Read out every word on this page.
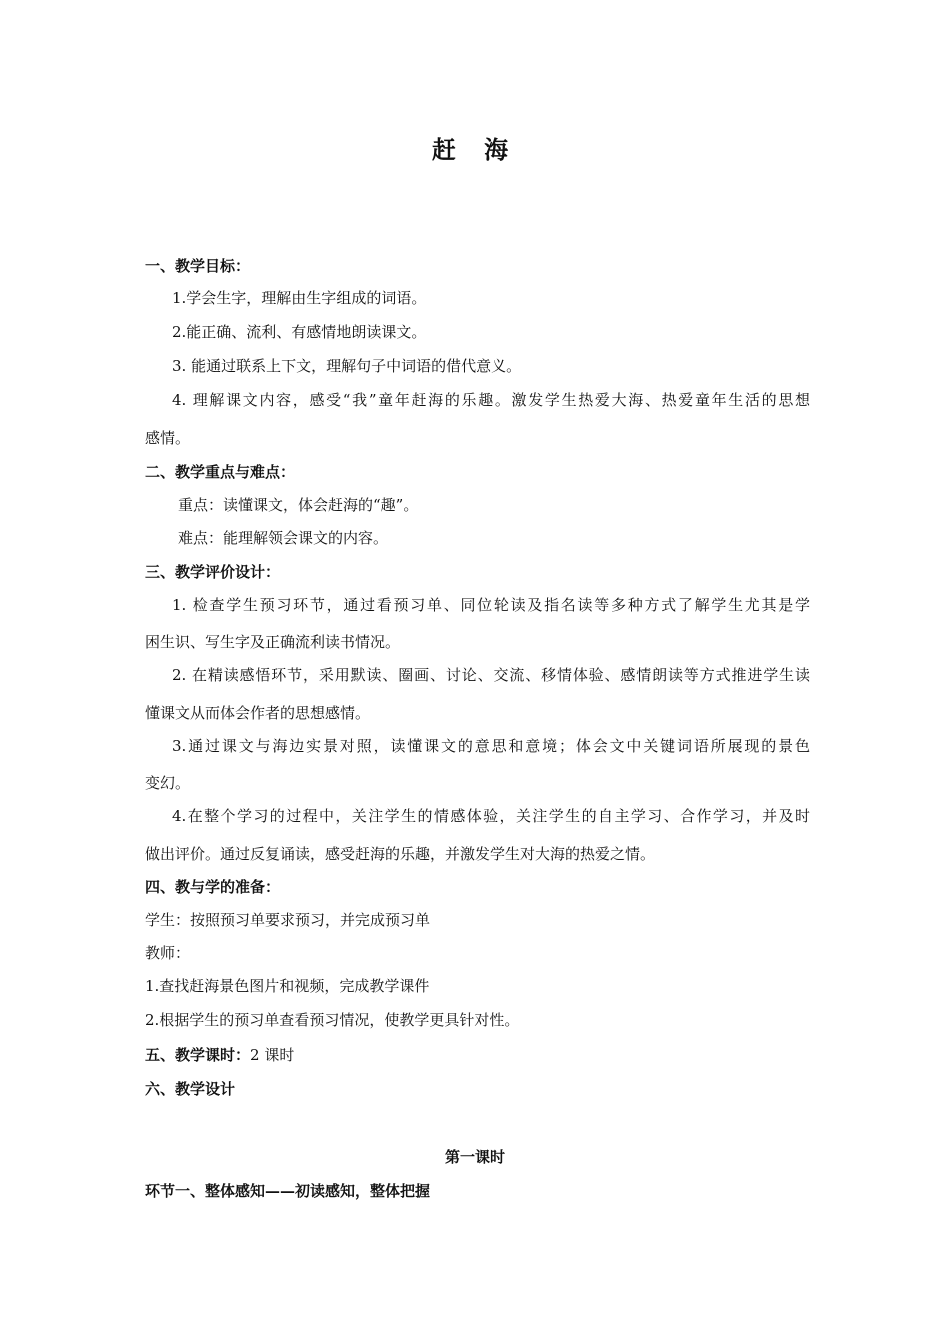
赶 海
一、教学目标：
1.学会生字，理解由生字组成的词语。
2.能正确、流利、有感情地朗读课文。
3. 能通过联系上下文，理解句子中词语的借代意义。
4. 理解课文内容，感受“我”童年赶海的乐趣。激发学生热爱大海、热爱童年生活的思想
感情。
二、教学重点与难点：
重点：读懂课文，体会赶海的“趣”。
难点：能理解领会课文的内容。
三、教学评价设计：
1. 检查学生预习环节，通过看预习单、同位轮读及指名读等多种方式了解学生尤其是学
困生识、写生字及正确流利读书情况。
2. 在精读感悟环节，采用默读、圈画、讨论、交流、移情体验、感情朗读等方式推进学生读
懂课文从而体会作者的思想感情。
3.通过课文与海边实景对照，读懂课文的意思和意境；体会文中关键词语所展现的景色
变幻。
4.在整个学习的过程中，关注学生的情感体验，关注学生的自主学习、合作学习，并及时
做出评价。通过反复诵读，感受赶海的乐趣，并激发学生对大海的热爱之情。
四、教与学的准备：
学生：按照预习单要求预习，并完成预习单
教师：
1.查找赶海景色图片和视频，完成教学课件
2.根据学生的预习单查看预习情况，使教学更具针对性。
五、教学课时：2 课时
六、教学设计
第一课时
环节一、整体感知——初读感知，整体把握
